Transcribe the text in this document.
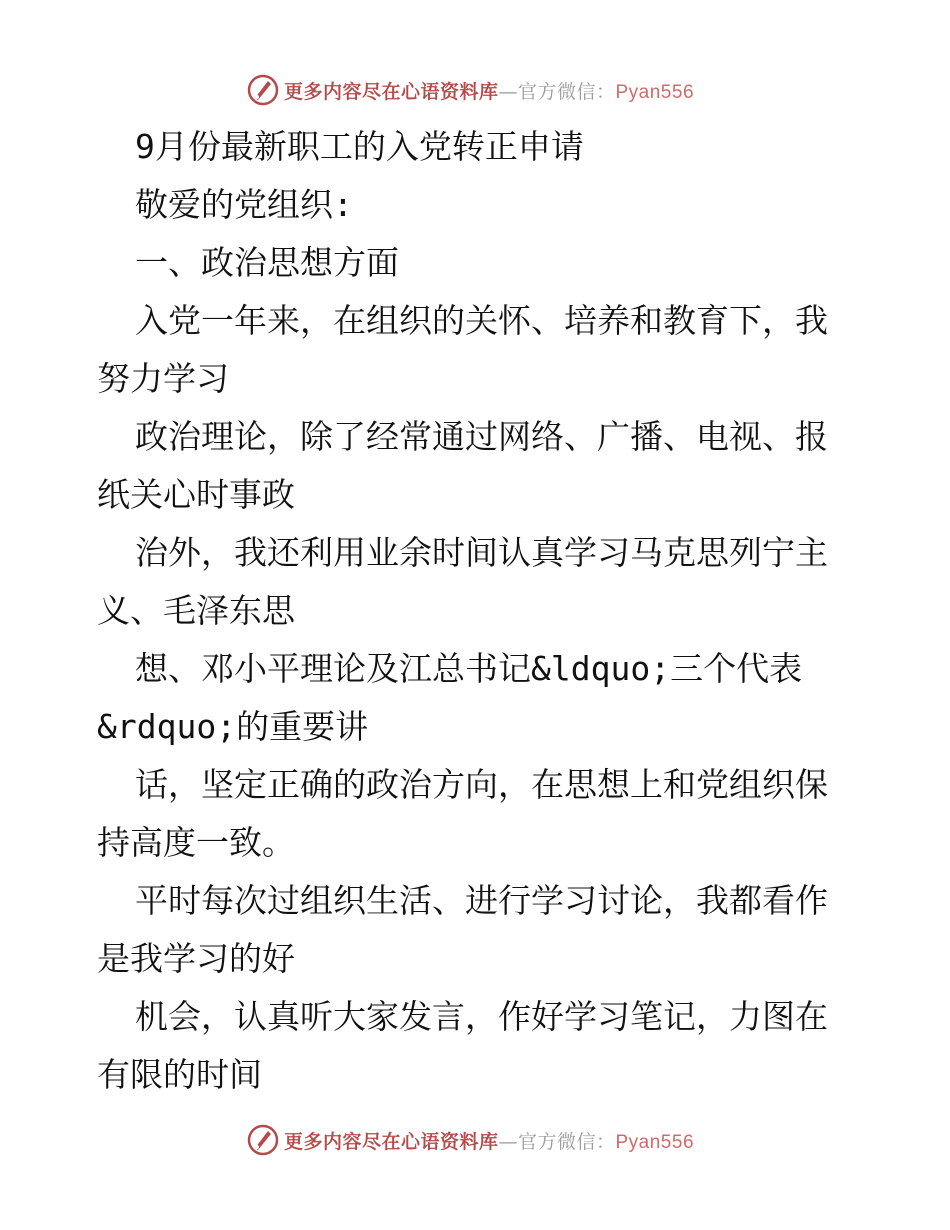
更多内容尽在心语资料库—官方微信：Pyan556
9月份最新职工的入党转正申请
敬爱的党组织:
一、政治思想方面
入党一年来，在组织的关怀、培养和教育下，我
努力学习
政治理论，除了经常通过网络、广播、电视、报
纸关心时事政
治外，我还利用业余时间认真学习马克思列宁主
义、毛泽东思
想、邓小平理论及江总书记&ldquo;三个代表
&rdquo;的重要讲
话，坚定正确的政治方向，在思想上和党组织保
持高度一致。
平时每次过组织生活、进行学习讨论，我都看作
是我学习的好
机会，认真听大家发言，作好学习笔记，力图在
有限的时间
更多内容尽在心语资料库—官方微信：Pyan556
